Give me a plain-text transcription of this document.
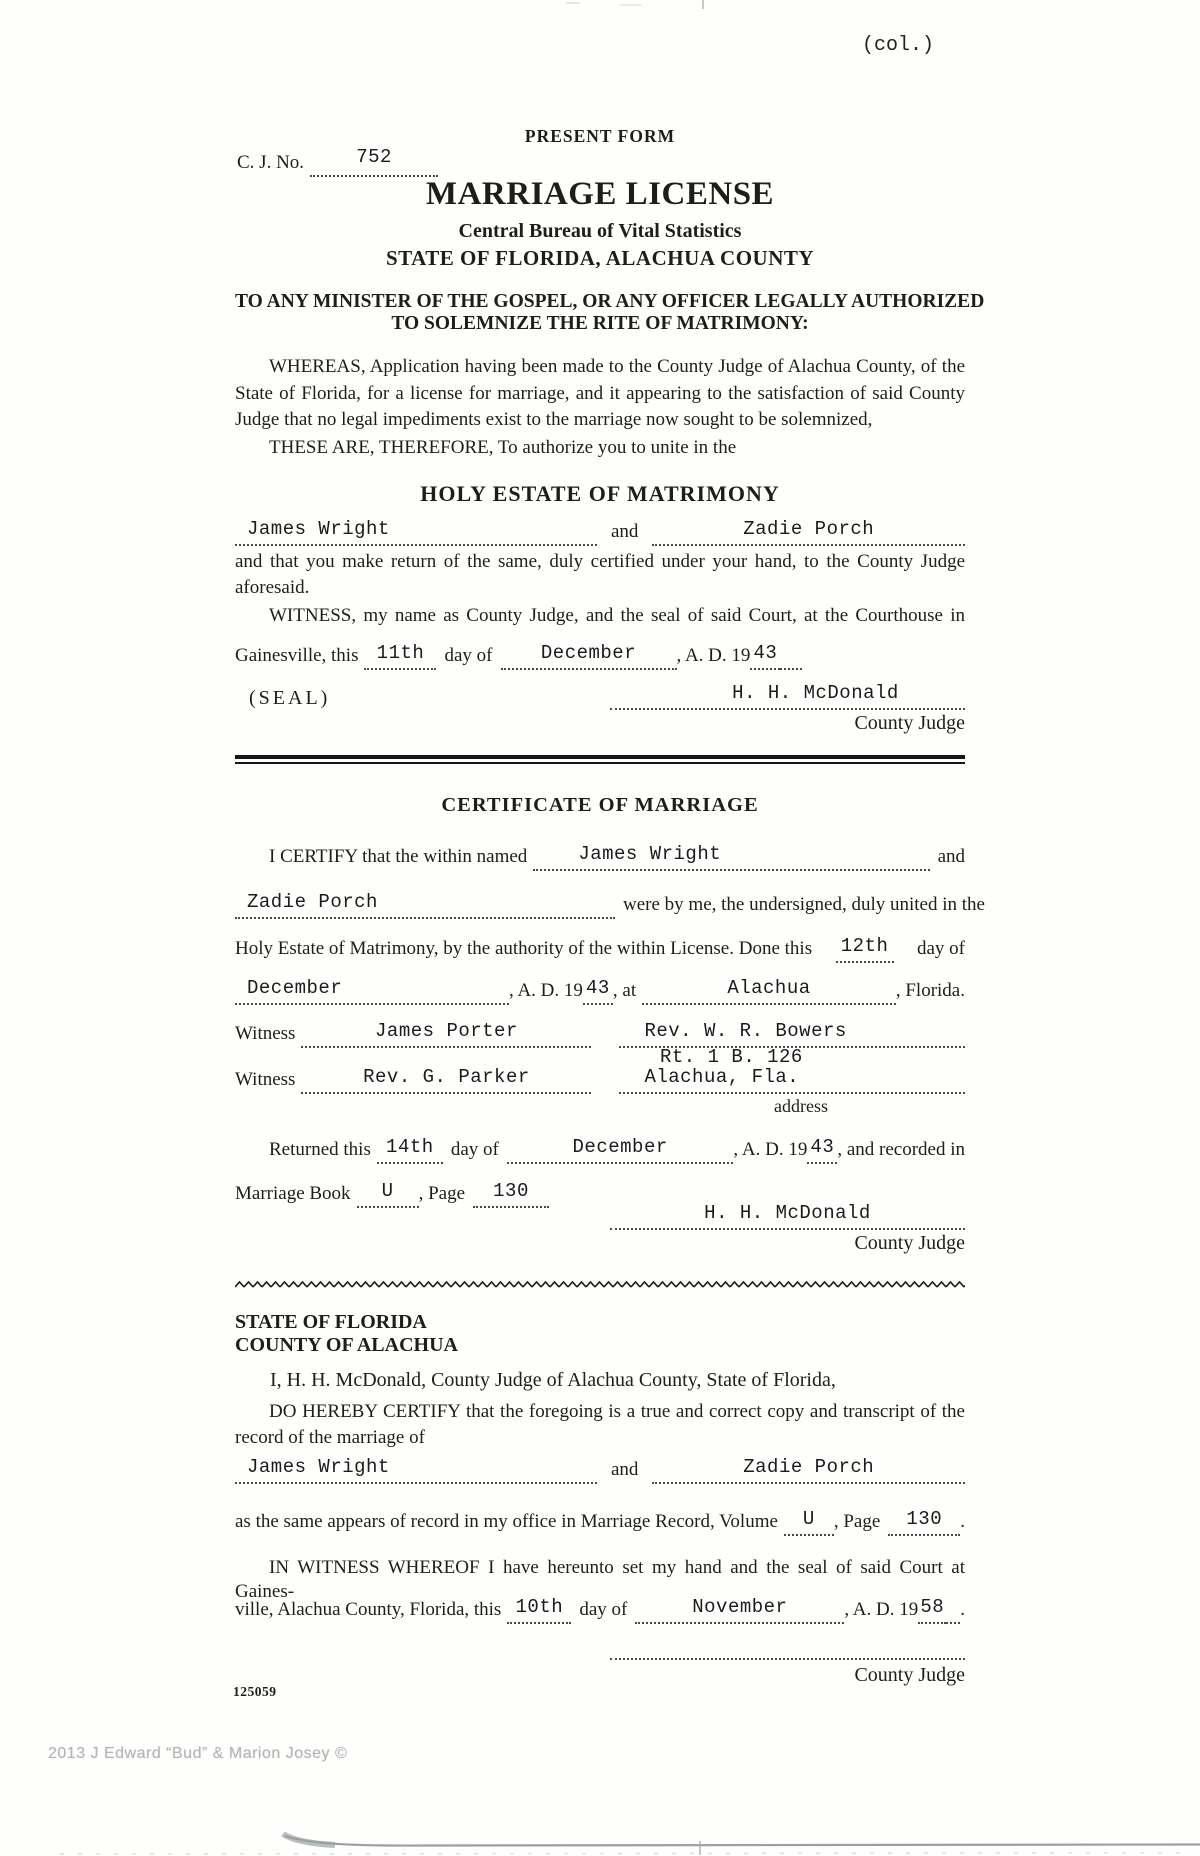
(col.)
PRESENT FORM
C. J. No.	752
MARRIAGE LICENSE
Central Bureau of Vital Statistics
STATE OF FLORIDA, ALACHUA COUNTY
TO ANY MINISTER OF THE GOSPEL, OR ANY OFFICER LEGALLY AUTHORIZED
TO SOLEMNIZE THE RITE OF MATRIMONY:
WHEREAS, Application having been made to the County Judge of Alachua County, of the
State of Florida, for a license for marriage, and it appearing to the satisfaction of said County
Judge that no legal impediments exist to the marriage now sought to be solemnized,
THESE ARE, THEREFORE, To authorize you to unite in the
HOLY ESTATE OF MATRIMONY
James Wright	and	Zadie Porch
and that you make return of the same, duly certified under your hand, to the County Judge
aforesaid.
WITNESS, my name as County Judge, and the seal of said Court, at the Courthouse in
Gainesville, this 11th	day of	December	, A. D. 19 43
(SEAL)	H. H. McDonald
County Judge
CERTIFICATE OF MARRIAGE
I CERTIFY that the within named	James Wright	and
Zadie Porch	were by me, the undersigned, duly united in the
Holy Estate of Matrimony, by the authority of the within License. Done this 12th day of
December	, A. D. 19 43 , at	Alachua	, Florida.
Witness	James Porter	Rev. W. R. Bowers
Rt. 1 B. 126
Witness	Rev. G. Parker	Alachua, Fla.
address
Returned this 14th day of	December	, A. D. 19 43 , and recorded in
Marriage Book	U	, Page	130
H. H. McDonald
County Judge
STATE OF FLORIDA
COUNTY OF ALACHUA
I, H. H. McDonald, County Judge of Alachua County, State of Florida,
DO HEREBY CERTIFY that the foregoing is a true and correct copy and transcript of the
record of the marriage of
James Wright	and	Zadie Porch
as the same appears of record in my office in Marriage Record, Volume	U	, Page	130 .
IN WITNESS WHEREOF I have hereunto set my hand and the seal of said Court at Gaines-
ville, Alachua County, Florida, this 10th day of	November	, A. D. 19 58 .
County Judge
125059
2013 J Edward “Bud” & Marion Josey ©
